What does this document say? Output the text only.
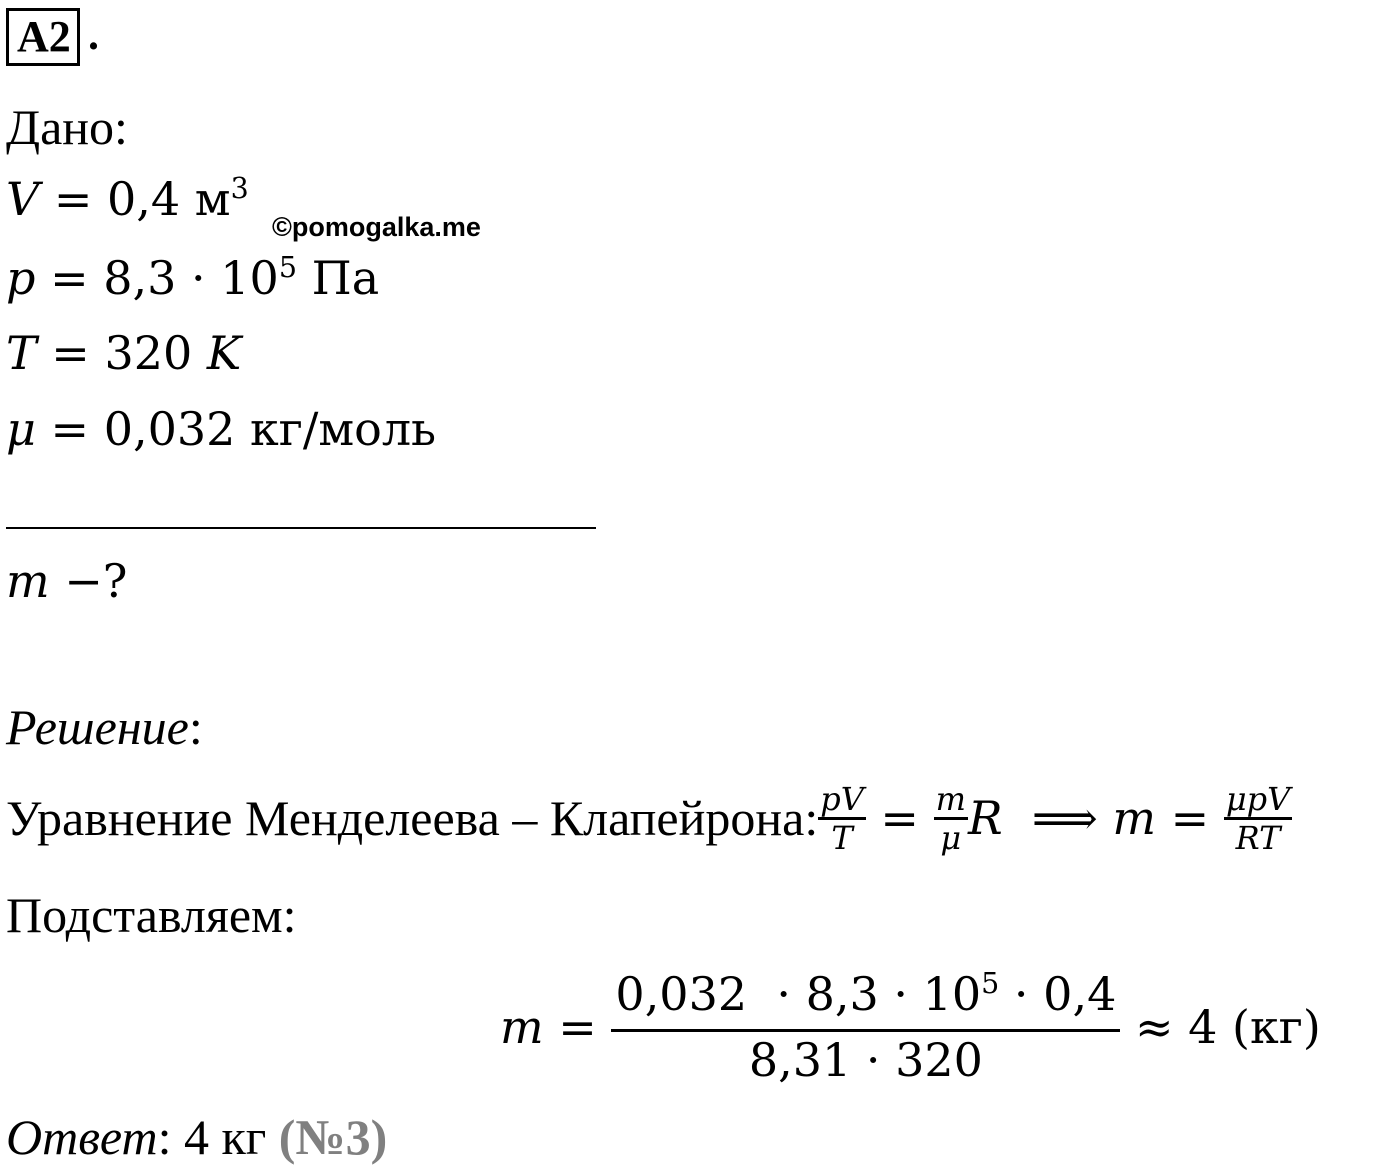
A2 .
Дано:
V = 0,4 $м^3$
©pomogalka.me
$p = 8,3 \cdot 10^5$ Па
T = 320 K
μ = 0,032 кг/моль
m −?
Решение:
Уравнение Менделеева – Клапейрона: $\frac{pV}{T} = \frac{m}{\mu}$ R ⟹ $m = \frac{\text{μpV}}{RT}$
Подставляем:
$m = \frac{0,032 \cdot 8,3 \cdot 10^5 \cdot 0,4}{8,31 \cdot 320} \approx 4$ (кг)
Ответ: 4 кг (№3)
